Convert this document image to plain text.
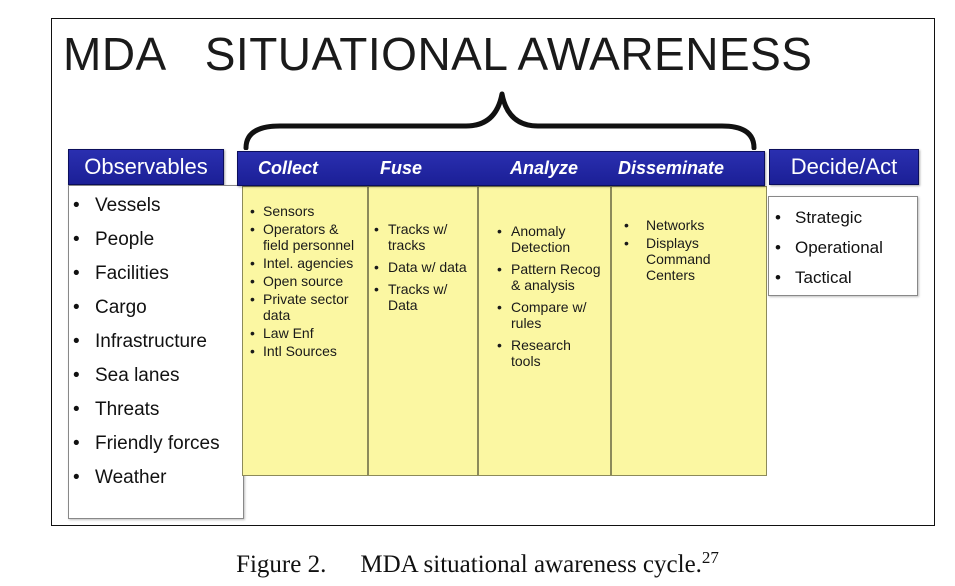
MDA SITUATIONAL AWARENESS
Observables
• Vessels
• People
• Facilities
• Cargo
• Infrastructure
• Sea lanes
• Threats
• Friendly forces
• Weather
• Sensors
• Operators & field personnel
• Intel. agencies
• Open source
• Private sector data
• Law Enf
• Intl Sources
• Tracks w/ tracks
• Data w/ data
• Tracks w/ Data
• Anomaly Detection
• Pattern Recog & analysis
• Compare w/ rules
• Research tools
• Networks
• Displays Command Centers
Collect	Fuse	Analyze Disseminate	Decide/Act
• Strategic
• Operational
• Tactical
Figure 2. MDA situational awareness cycle.$^{27}$
